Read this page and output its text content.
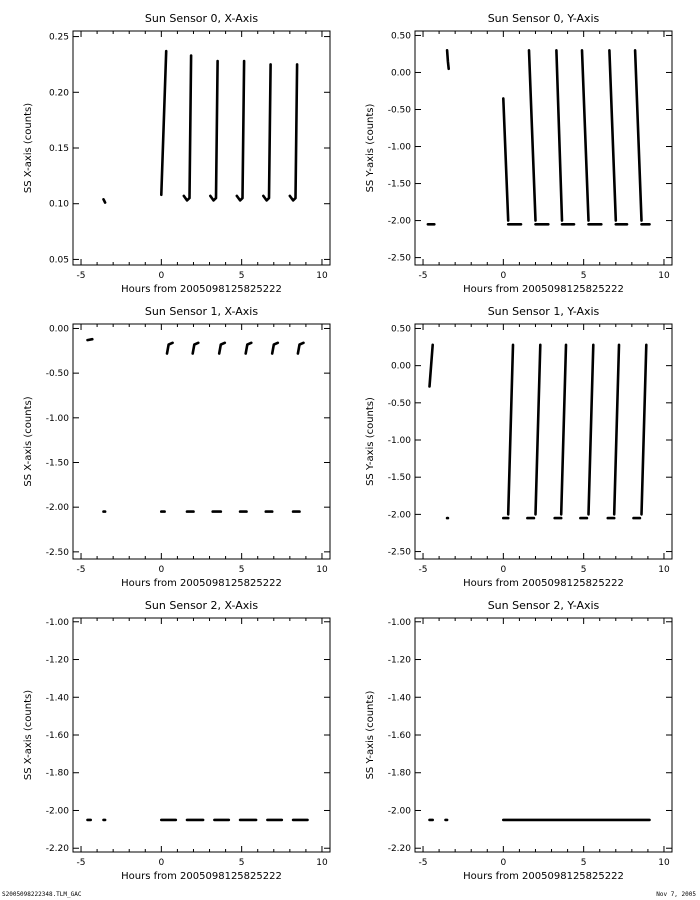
Sun Sensor 0, X-Axis
-5	0	5	10
0.05
0.10
0.15
0.20
0.25
Hours from 2005098125825222
SS X-axis (counts)
Sun Sensor 0, Y-Axis
-5	0	5	10
-2.50
-2.00
-1.50
-1.00
-0.50
0.00
0.50
Hours from 2005098125825222
SS Y-axis (counts)
Sun Sensor 1, X-Axis
-5	0	5	10
-2.50
-2.00
-1.50
-1.00
-0.50
0.00
Hours from 2005098125825222
SS X-axis (counts)
Sun Sensor 1, Y-Axis
-5	0	5	10
-2.50
-2.00
-1.50
-1.00
-0.50
0.00
0.50
Hours from 2005098125825222
SS Y-axis (counts)
Sun Sensor 2, X-Axis
-5	0	5	10
-2.20
-2.00
-1.80
-1.60
-1.40
-1.20
-1.00
Hours from 2005098125825222
SS X-axis (counts)
Sun Sensor 2, Y-Axis
-5	0	5	10
-2.20
-2.00
-1.80
-1.60
-1.40
-1.20
-1.00
Hours from 2005098125825222
SS Y-axis (counts)
S2005098222348.TLM_GAC	Nov 7, 2005
